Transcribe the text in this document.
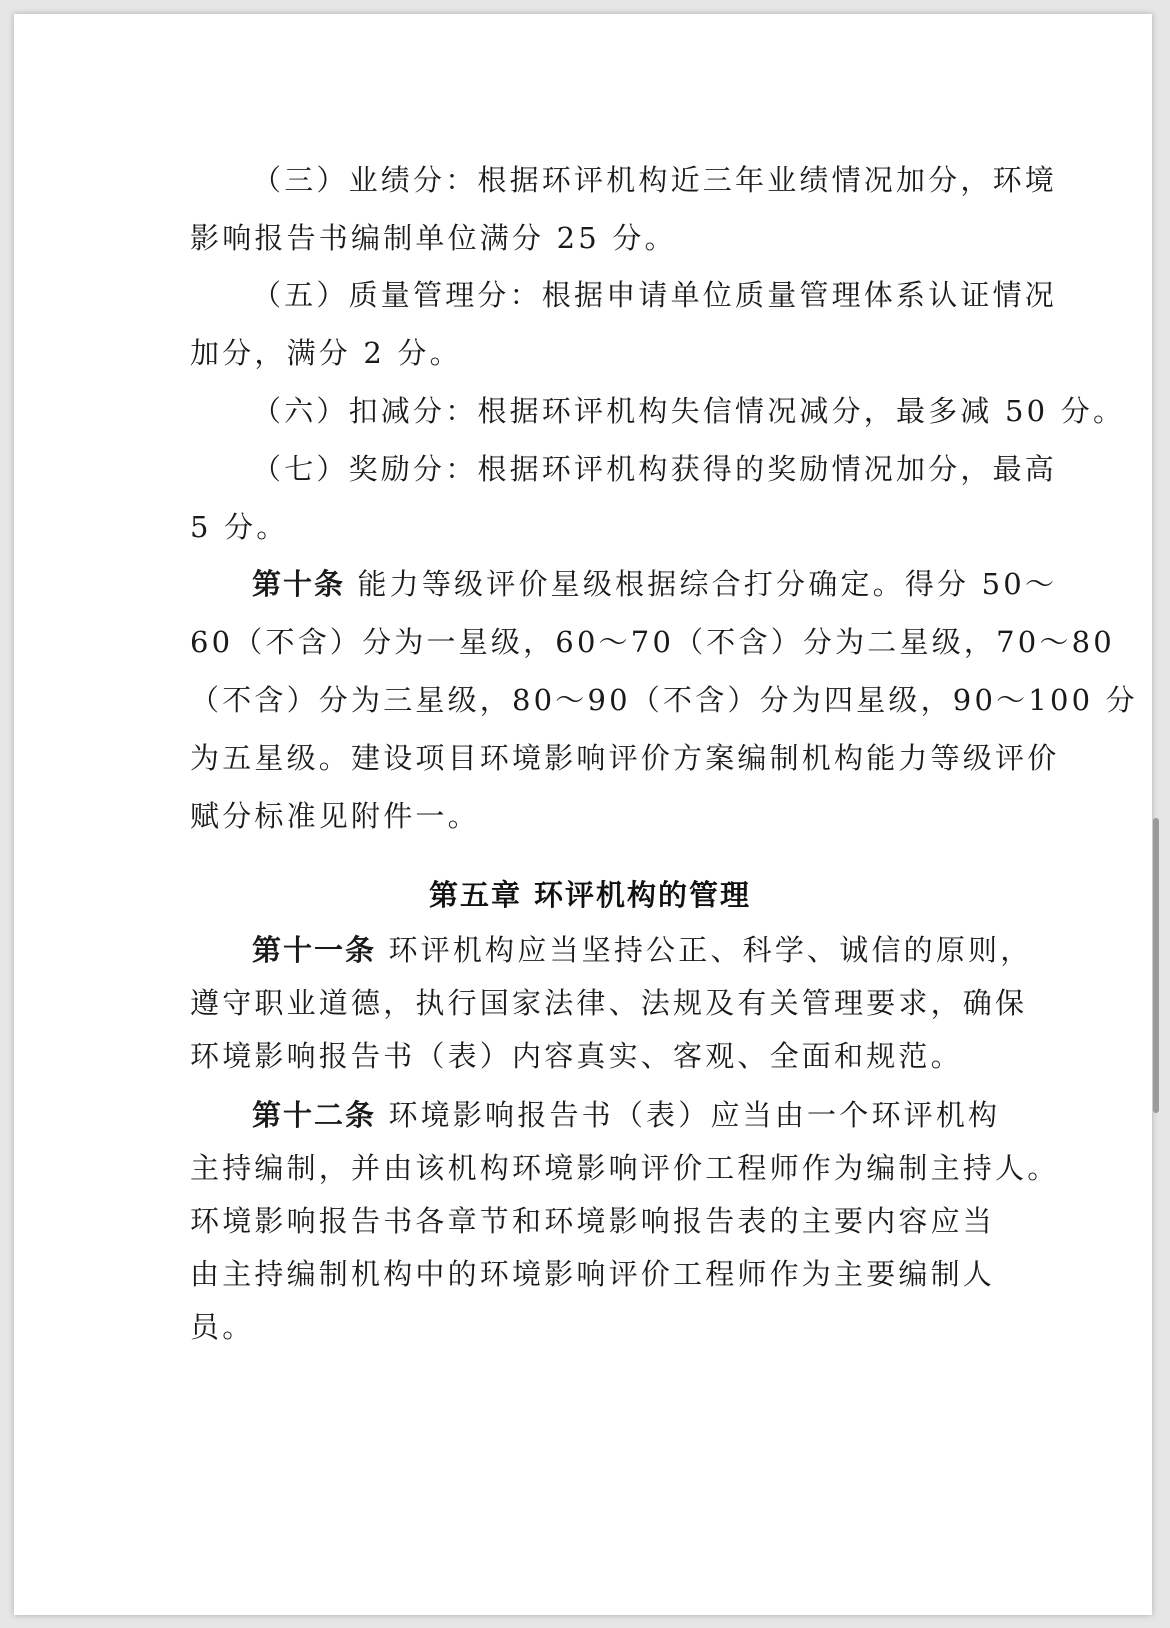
（三）业绩分：根据环评机构近三年业绩情况加分，环境
影响报告书编制单位满分 25 分。
（五）质量管理分：根据申请单位质量管理体系认证情况
加分，满分 2 分。
（六）扣减分：根据环评机构失信情况减分，最多减 50 分。
（七）奖励分：根据环评机构获得的奖励情况加分，最高
5 分。
第十条 能力等级评价星级根据综合打分确定。得分 50～
60（不含）分为一星级，60～70（不含）分为二星级，70～80
（不含）分为三星级，80～90（不含）分为四星级，90～100 分
为五星级。建设项目环境影响评价方案编制机构能力等级评价
赋分标准见附件一。
第五章 环评机构的管理
第十一条 环评机构应当坚持公正、科学、诚信的原则，
遵守职业道德，执行国家法律、法规及有关管理要求，确保
环境影响报告书（表）内容真实、客观、全面和规范。
第十二条 环境影响报告书（表）应当由一个环评机构
主持编制，并由该机构环境影响评价工程师作为编制主持人。
环境影响报告书各章节和环境影响报告表的主要内容应当
由主持编制机构中的环境影响评价工程师作为主要编制人
员。
